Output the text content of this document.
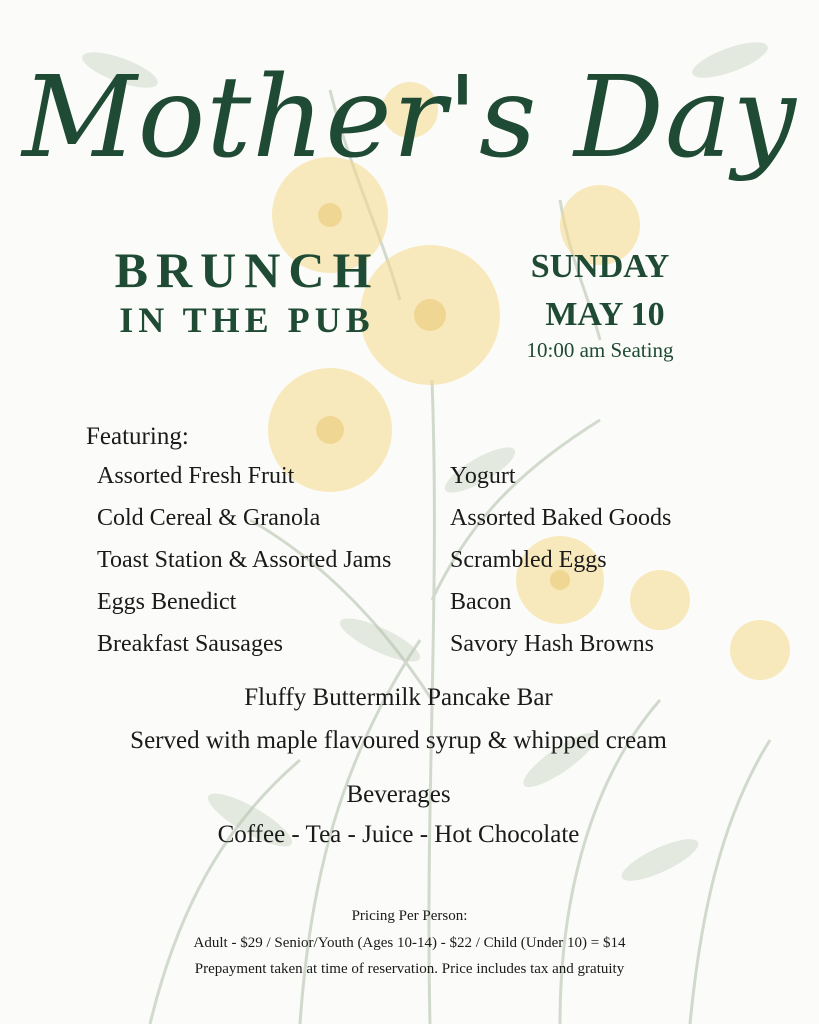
Mother's Day
BRUNCH
IN THE PUB
SUNDAY
MAY 10
10:00 am Seating
Featuring:
Assorted Fresh Fruit
Cold Cereal & Granola
Toast Station & Assorted Jams
Eggs Benedict
Breakfast Sausages
Yogurt
Assorted Baked Goods
Scrambled Eggs
Bacon
Savory Hash Browns
Fluffy Buttermilk Pancake Bar
Served with maple flavoured syrup & whipped cream
Beverages
Coffee - Tea - Juice - Hot Chocolate
Pricing Per Person:
Adult - $29 / Senior/Youth (Ages 10-14) - $22 / Child (Under 10) = $14
Prepayment taken at time of reservation. Price includes tax and gratuity
